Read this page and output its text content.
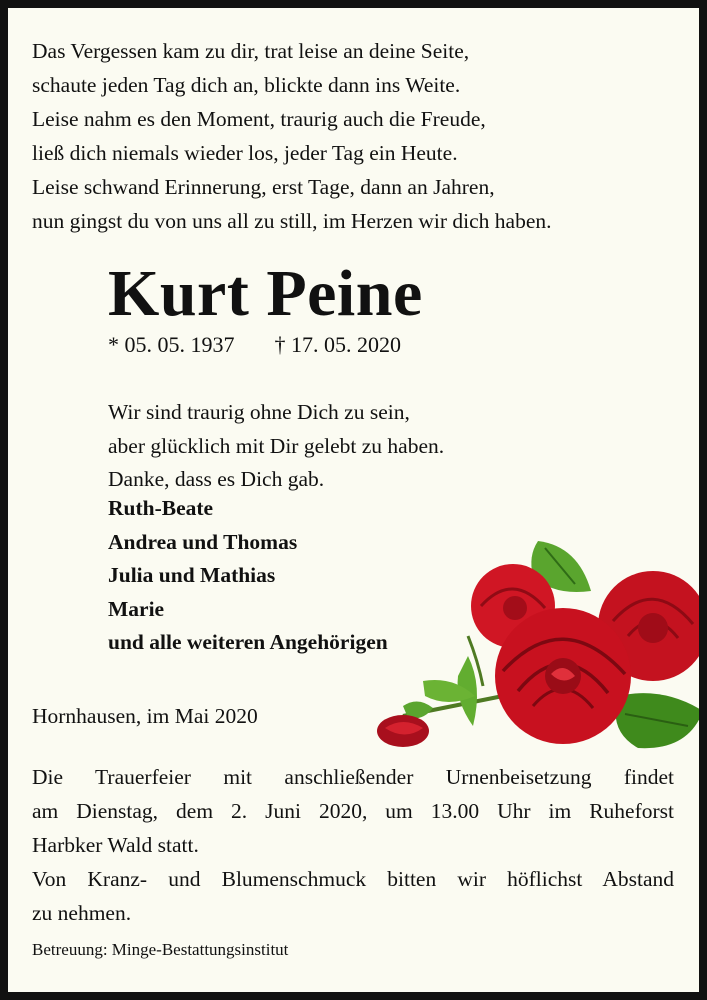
Das Vergessen kam zu dir, trat leise an deine Seite,
schaute jeden Tag dich an, blickte dann ins Weite.
Leise nahm es den Moment, traurig auch die Freude,
ließ dich niemals wieder los, jeder Tag ein Heute.
Leise schwand Erinnerung, erst Tage, dann an Jahren,
nun gingst du von uns all zu still, im Herzen wir dich haben.
Kurt Peine
* 05. 05. 1937 † 17. 05. 2020
Wir sind traurig ohne Dich zu sein,
aber glücklich mit Dir gelebt zu haben.
Danke, dass es Dich gab.
Ruth-Beate
Andrea und Thomas
Julia und Mathias
Marie
und alle weiteren Angehörigen
Hornhausen, im Mai 2020
Die Trauerfeier mit anschließender Urnenbeisetzung findet
am Dienstag, dem 2. Juni 2020, um 13.00 Uhr im Ruheforst
Harbker Wald statt.
Von Kranz- und Blumenschmuck bitten wir höflichst Abstand
zu nehmen.
Betreuung: Minge-Bestattungsinstitut
